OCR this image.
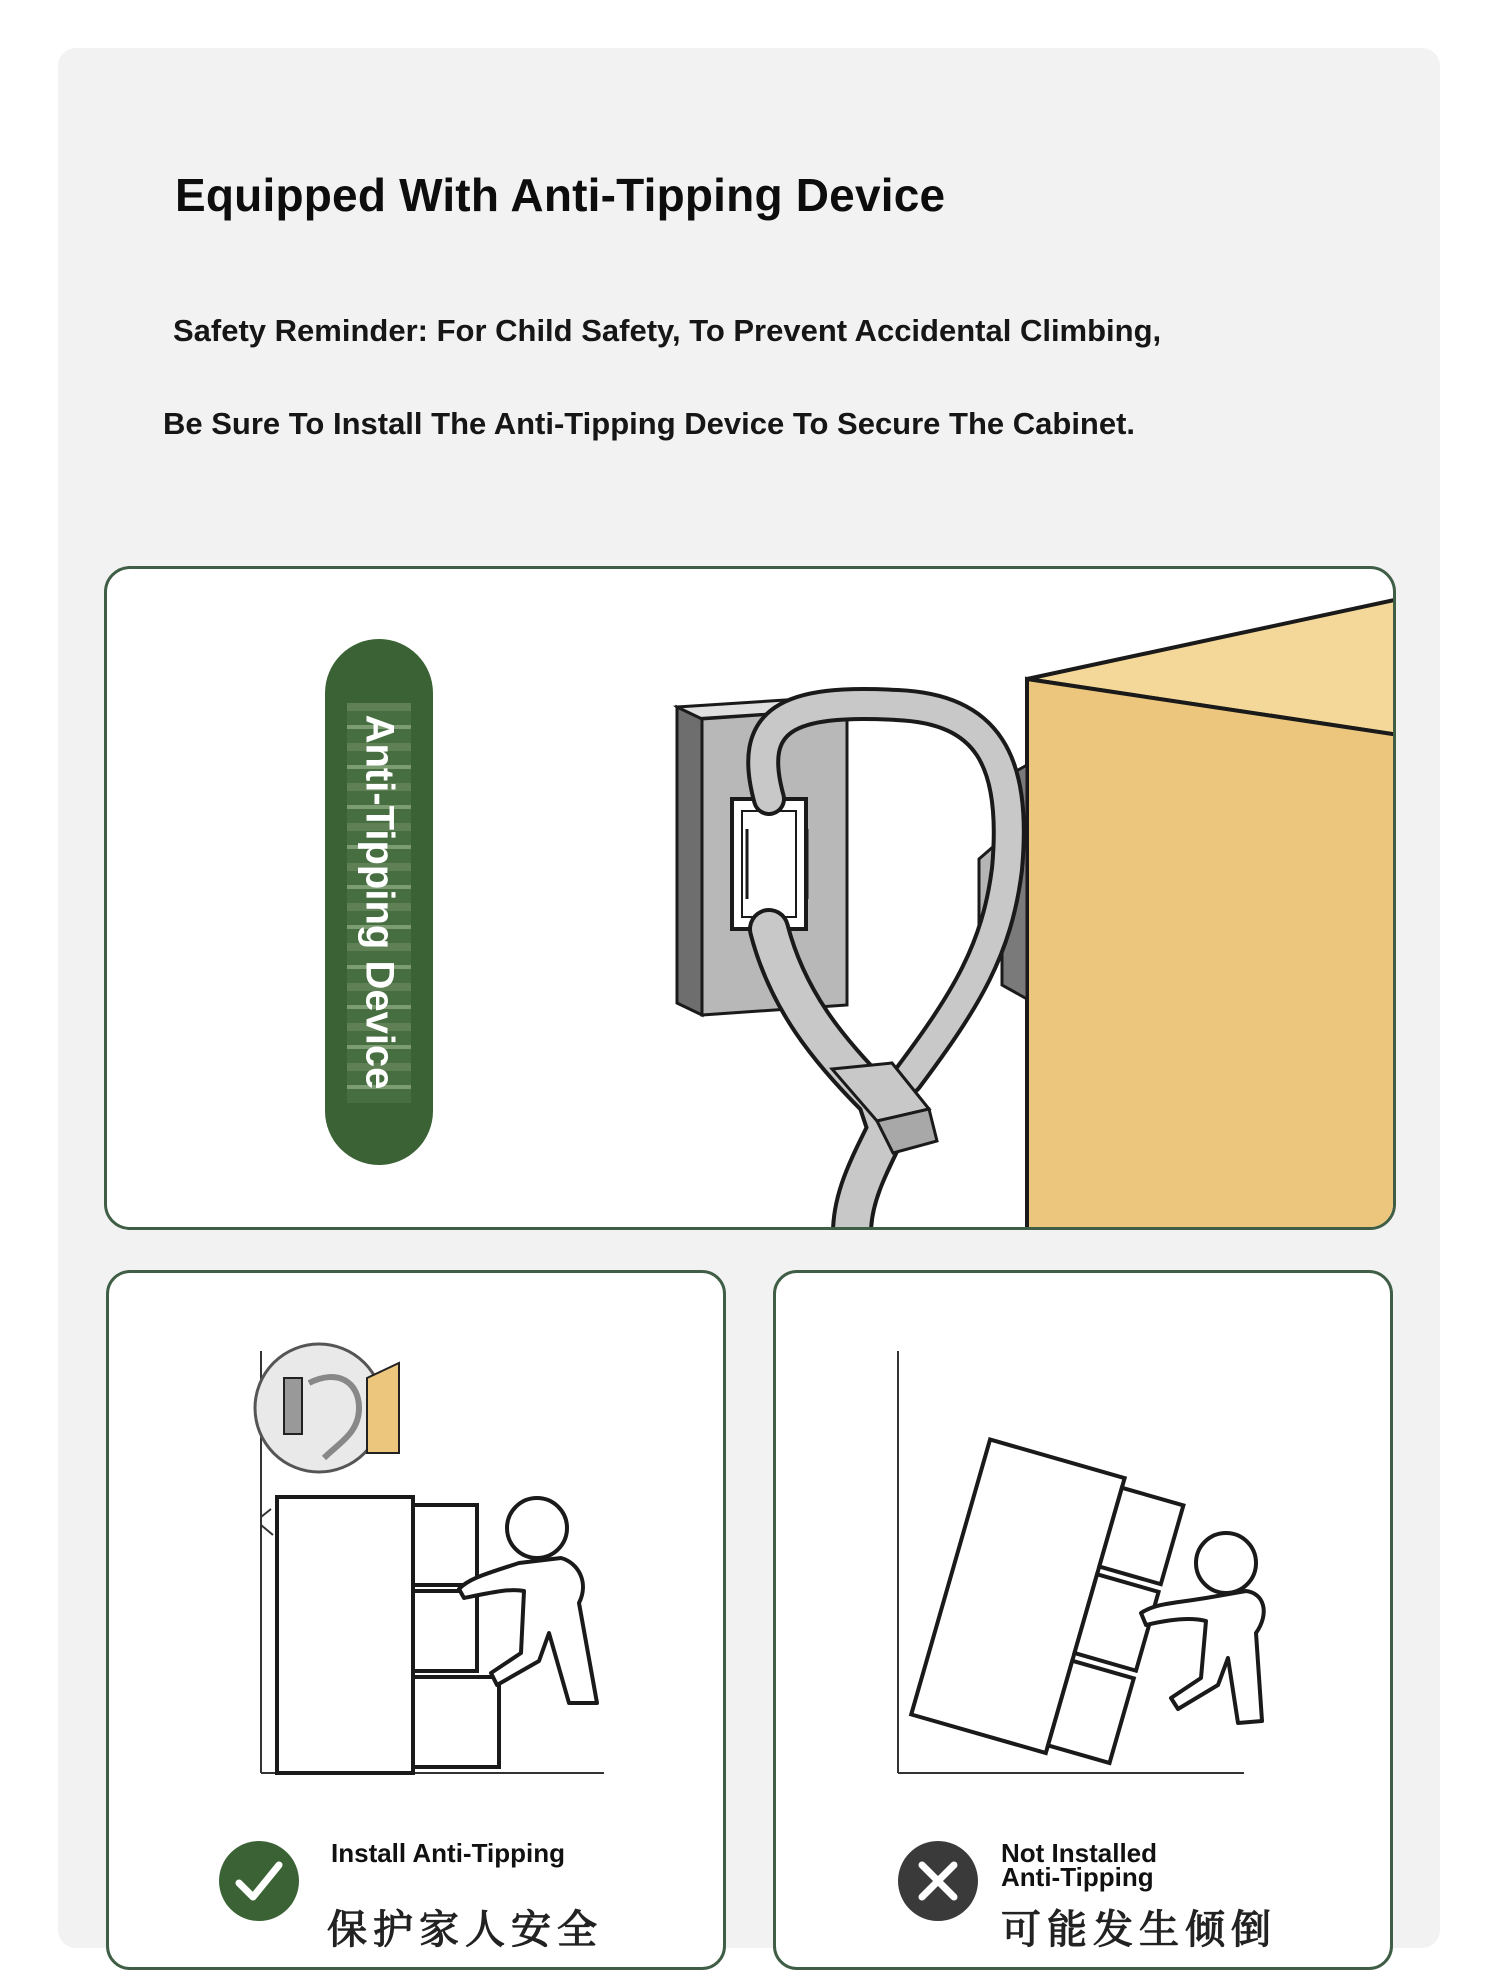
Equipped With Anti-Tipping Device
Safety Reminder: For Child Safety, To Prevent Accidental Climbing,
Be Sure To Install The Anti-Tipping Device To Secure The Cabinet.
Anti-Tipping Device
Install Anti-Tipping
保护家人安全
Not Installed
Anti-Tipping
可能发生倾倒
